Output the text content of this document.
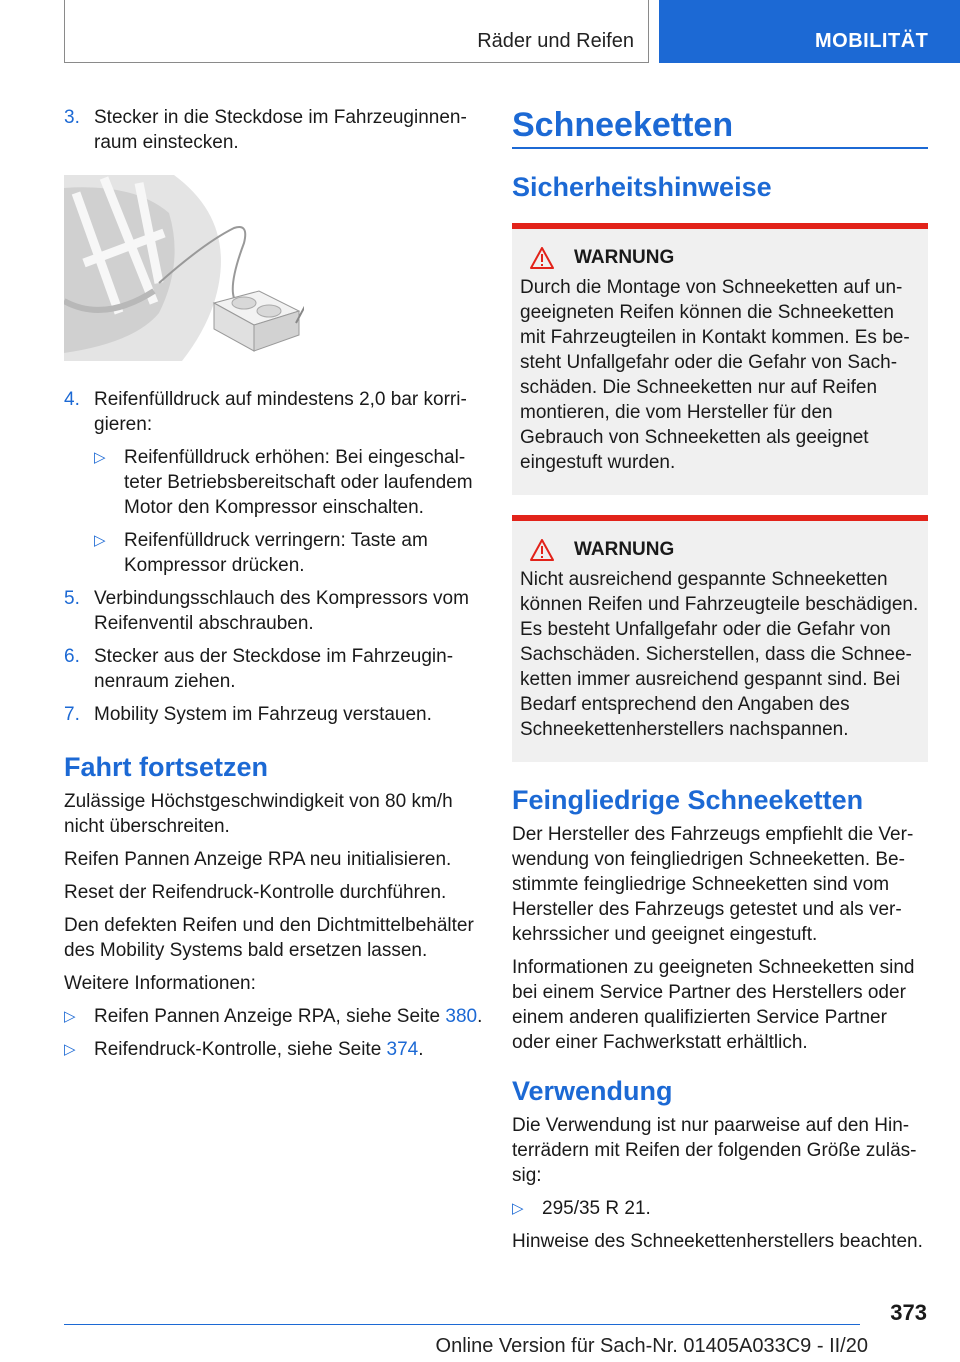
Räder und Reifen	MOBILITÄT
3. Stecker in die Steckdose im Fahrzeuginnenraum einstecken.
4. Reifenfülldruck auf mindestens 2,0 bar korrigieren:
▷ Reifenfülldruck erhöhen: Bei eingeschalteter Betriebsbereitschaft oder laufendem Motor den Kompressor einschalten.
▷ Reifenfülldruck verringern: Taste am Kompressor drücken.
5. Verbindungsschlauch des Kompressors vom Reifenventil abschrauben.
6. Stecker aus der Steckdose im Fahrzeuginnenraum ziehen.
7. Mobility System im Fahrzeug verstauen.
Fahrt fortsetzen

Zulässige Höchstgeschwindigkeit von 80 km/h nicht überschreiten.

Reifen Pannen Anzeige RPA neu initialisieren.

Reset der Reifendruck-Kontrolle durchführen.

Den defekten Reifen und den Dichtmittelbehälter des Mobility Systems bald ersetzen lassen.

Weitere Informationen:

▷ Reifen Pannen Anzeige RPA, siehe Seite 380.
▷ Reifendruck-Kontrolle, siehe Seite 374.
Schneeketten
Sicherheitshinweise
WARNUNG

Durch die Montage von Schneeketten auf ungeeigneten Reifen können die Schneeketten mit Fahrzeugteilen in Kontakt kommen. Es besteht Unfallgefahr oder die Gefahr von Sachschäden. Die Schneeketten nur auf Reifen montieren, die vom Hersteller für den Gebrauch von Schneeketten als geeignet eingestuft wurden.

WARNUNG

Nicht ausreichend gespannte Schneeketten können Reifen und Fahrzeugteile beschädigen. Es besteht Unfallgefahr oder die Gefahr von Sachschäden. Sicherstellen, dass die Schneeketten immer ausreichend gespannt sind. Bei Bedarf entsprechend den Angaben des Schneekettenherstellers nachspannen.

Feingliedrige Schneeketten

Der Hersteller des Fahrzeugs empfiehlt die Verwendung von feingliedrigen Schneeketten. Bestimmte feingliedrige Schneeketten sind vom Hersteller des Fahrzeugs getestet und als verkehrssicher und geeignet eingestuft.

Informationen zu geeigneten Schneeketten sind bei einem Service Partner des Herstellers oder einem anderen qualifizierten Service Partner oder einer Fachwerkstatt erhältlich.

Verwendung

Die Verwendung ist nur paarweise auf den Hinterrädern mit Reifen der folgenden Größe zulässig:

▷ 295/35 R 21.

Hinweise des Schneekettenherstellers beachten.

373
Online Version für Sach-Nr. 01405A033C9 - II/20
